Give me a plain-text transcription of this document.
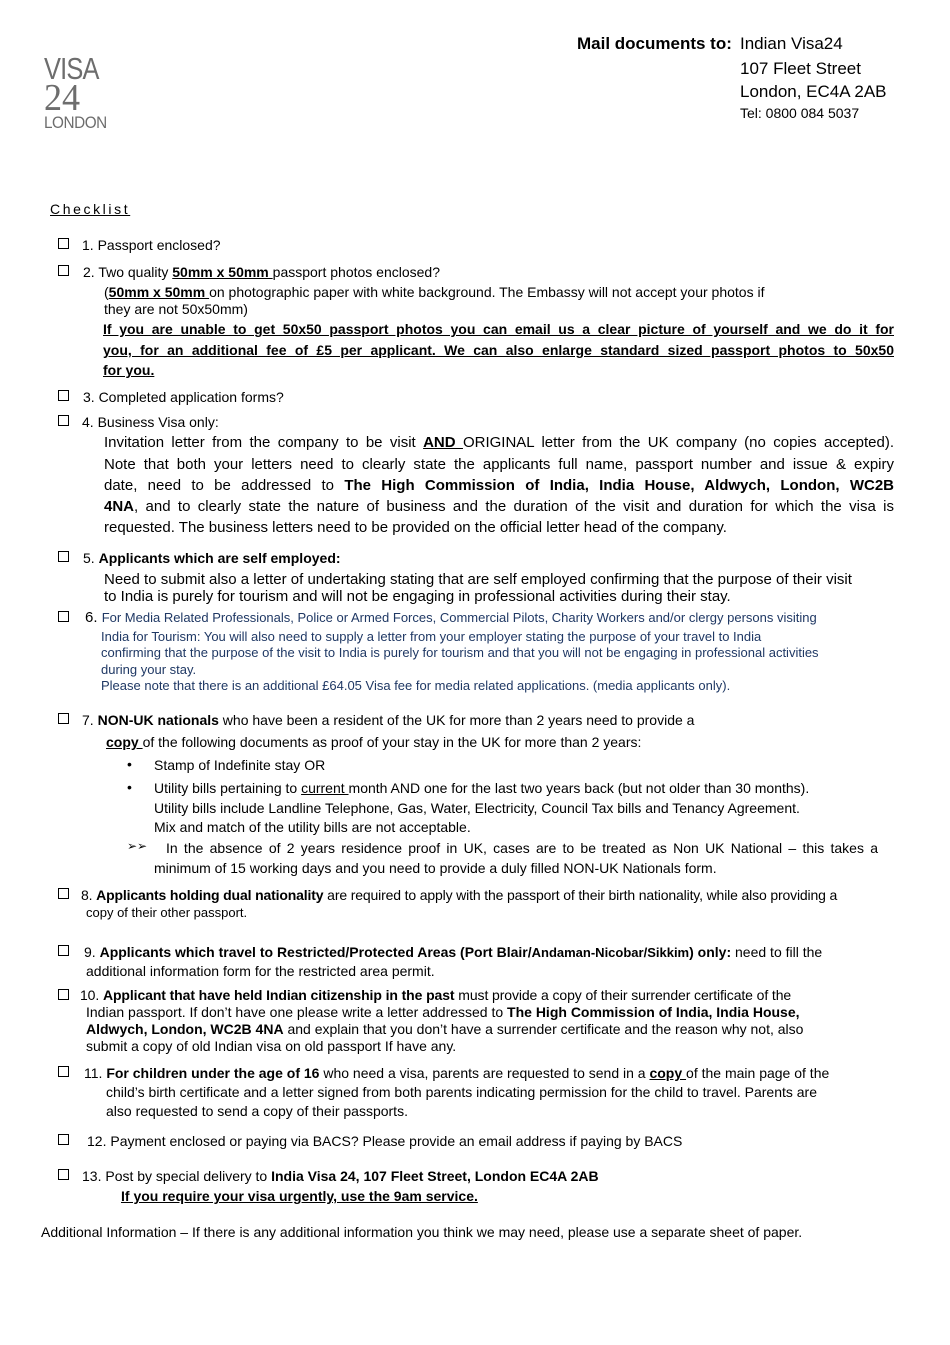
VISA
24
LONDON
Mail documents to: Indian Visa24
107 Fleet Street
London, EC4A 2AB
Tel: 0800 084 5037
Checklist
1. Passport enclosed?
2. Two quality 50mm x 50mm passport photos enclosed?
(50mm x 50mm on photographic paper with white background. The Embassy will not accept your photos if
they are not 50x50mm)
If you are unable to get 50x50 passport photos you can email us a clear picture of yourself and we do it for
you, for an additional fee of £5 per applicant. We can also enlarge standard sized passport photos to 50x50
for you.
3. Completed application forms?
4. Business Visa only:
Invitation letter from the company to be visit AND ORIGINAL letter from the UK company (no copies accepted).
Note that both your letters need to clearly state the applicants full name, passport number and issue & expiry
date, need to be addressed to The High Commission of India, India House, Aldwych, London, WC2B
4NA, and to clearly state the nature of business and the duration of the visit and duration for which the visa is
requested. The business letters need to be provided on the official letter head of the company.
5. Applicants which are self employed:
Need to submit also a letter of undertaking stating that are self employed confirming that the purpose of their visit
to India is purely for tourism and will not be engaging in professional activities during their stay.
6. For Media Related Professionals, Police or Armed Forces, Commercial Pilots, Charity Workers and/or clergy persons visiting
India for Tourism: You will also need to supply a letter from your employer stating the purpose of your travel to India
confirming that the purpose of the visit to India is purely for tourism and that you will not be engaging in professional activities
during your stay.
Please note that there is an additional £64.05 Visa fee for media related applications. (media applicants only).
7. NON-UK nationals who have been a resident of the UK for more than 2 years need to provide a
copy of the following documents as proof of your stay in the UK for more than 2 years:
• Stamp of Indefinite stay OR
• Utility bills pertaining to current month AND one for the last two years back (but not older than 30 months).
Utility bills include Landline Telephone, Gas, Water, Electricity, Council Tax bills and Tenancy Agreement.
Mix and match of the utility bills are not acceptable.
➢➢ In the absence of 2 years residence proof in UK, cases are to be treated as Non UK National – this takes a
minimum of 15 working days and you need to provide a duly filled NON-UK Nationals form.
8. Applicants holding dual nationality are required to apply with the passport of their birth nationality, while also providing a
copy of their other passport.
9. Applicants which travel to Restricted/Protected Areas (Port Blair/Andaman-Nicobar/Sikkim) only: need to fill the
additional information form for the restricted area permit.
10. Applicant that have held Indian citizenship in the past must provide a copy of their surrender certificate of the
Indian passport. If don’t have one please write a letter addressed to The High Commission of India, India House,
Aldwych, London, WC2B 4NA and explain that you don’t have a surrender certificate and the reason why not, also
submit a copy of old Indian visa on old passport If have any.
11. For children under the age of 16 who need a visa, parents are requested to send in a copy of the main page of the
child’s birth certificate and a letter signed from both parents indicating permission for the child to travel. Parents are
also requested to send a copy of their passports.
12. Payment enclosed or paying via BACS? Please provide an email address if paying by BACS
13. Post by special delivery to India Visa 24, 107 Fleet Street, London EC4A 2AB
If you require your visa urgently, use the 9am service.
Additional Information – If there is any additional information you think we may need, please use a separate sheet of paper.
